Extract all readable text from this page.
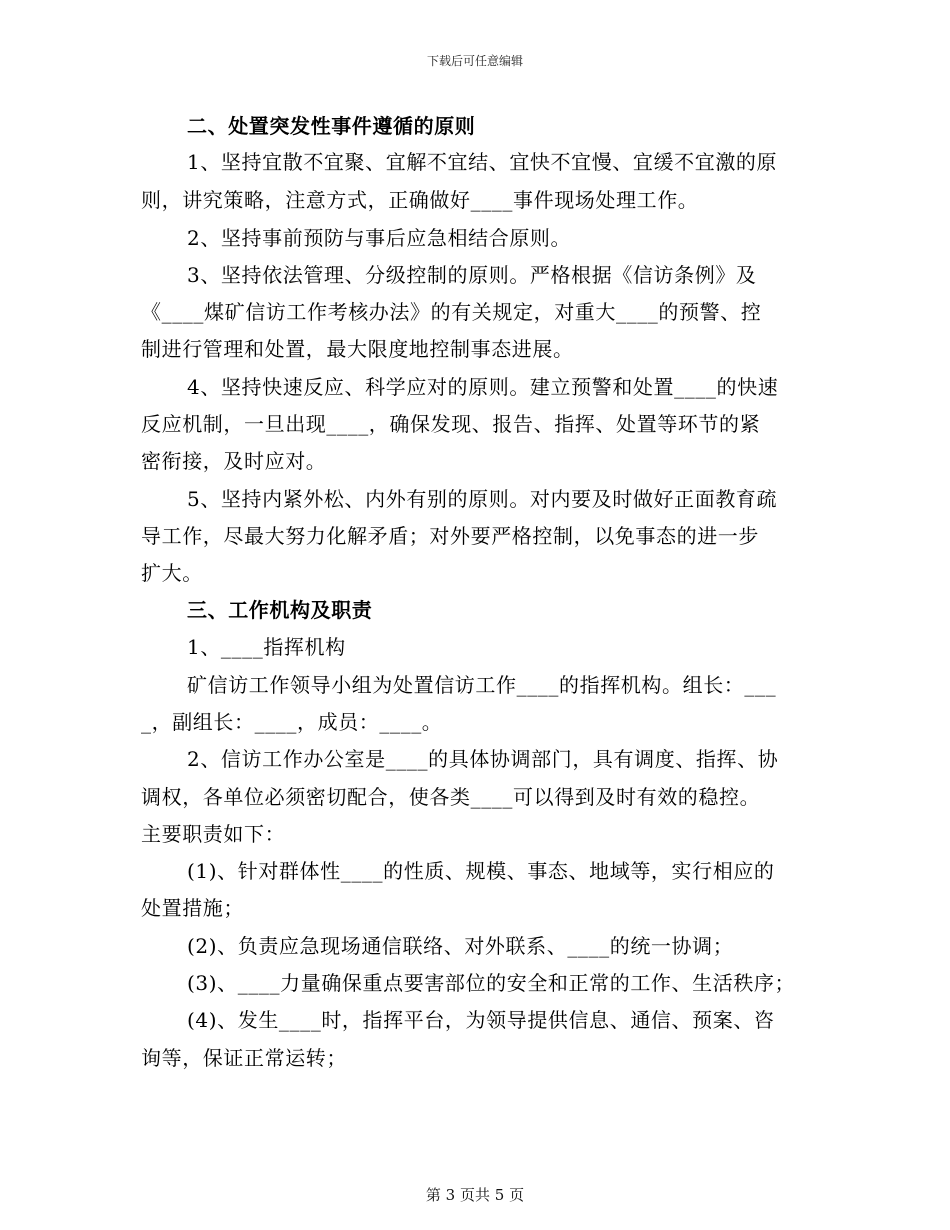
下载后可任意编辑
二、处置突发性事件遵循的原则
1、坚持宜散不宜聚、宜解不宜结、宜快不宜慢、宜缓不宜激的原
则，讲究策略，注意方式，正确做好____事件现场处理工作。
2、坚持事前预防与事后应急相结合原则。
3、坚持依法管理、分级控制的原则。严格根据《信访条例》及
《____煤矿信访工作考核办法》的有关规定，对重大____的预警、控
制进行管理和处置，最大限度地控制事态进展。
4、坚持快速反应、科学应对的原则。建立预警和处置____的快速
反应机制，一旦出现____，确保发现、报告、指挥、处置等环节的紧
密衔接，及时应对。
5、坚持内紧外松、内外有别的原则。对内要及时做好正面教育疏
导工作，尽最大努力化解矛盾；对外要严格控制，以免事态的进一步
扩大。
三、工作机构及职责
1、____指挥机构
矿信访工作领导小组为处置信访工作____的指挥机构。组长：___
_，副组长：____，成员：____。
2、信访工作办公室是____的具体协调部门，具有调度、指挥、协
调权，各单位必须密切配合，使各类____可以得到及时有效的稳控。
主要职责如下：
(1)、针对群体性____的性质、规模、事态、地域等，实行相应的
处置措施；
(2)、负责应急现场通信联络、对外联系、____的统一协调；
(3)、____力量确保重点要害部位的安全和正常的工作、生活秩序；
(4)、发生____时，指挥平台，为领导提供信息、通信、预案、咨
询等，保证正常运转；
第 3 页共 5 页
